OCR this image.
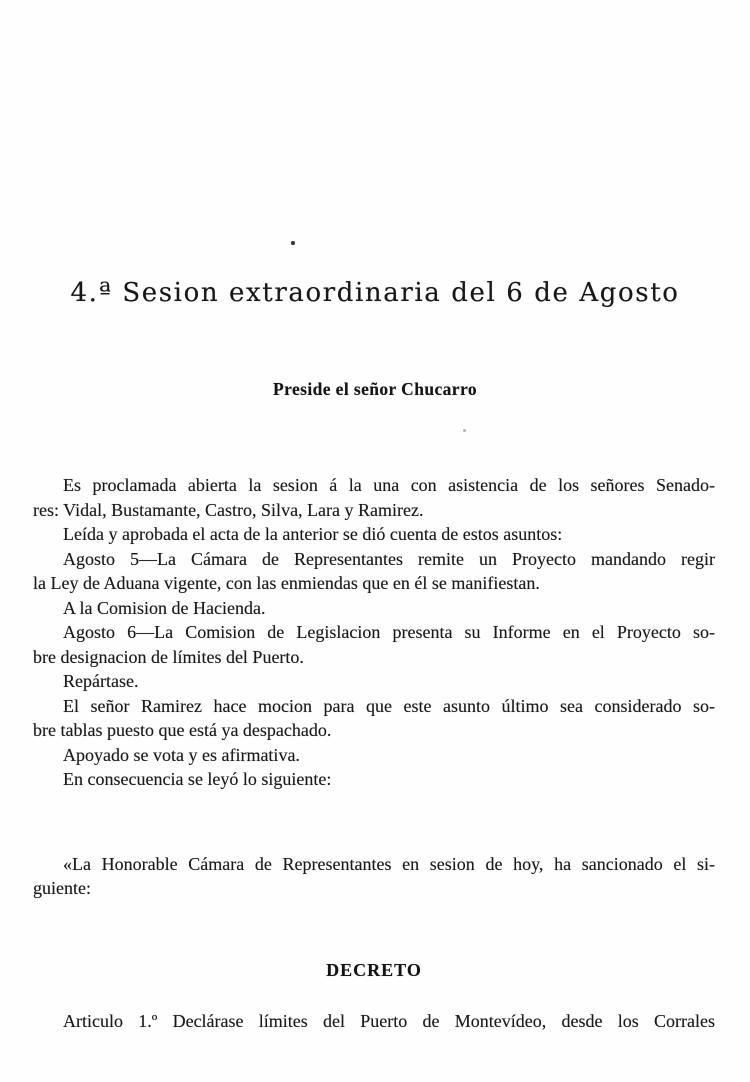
4.ª Sesion extraordinaria del 6 de Agosto
Preside el señor Chucarro
Es proclamada abierta la sesion á la una con asistencia de los señores Senado-
res: Vidal, Bustamante, Castro, Silva, Lara y Ramirez.
Leída y aprobada el acta de la anterior se dió cuenta de estos asuntos:
Agosto 5—La Cámara de Representantes remite un Proyecto mandando regir
la Ley de Aduana vigente, con las enmiendas que en él se manifiestan.
A la Comision de Hacienda.
Agosto 6—La Comision de Legislacion presenta su Informe en el Proyecto so-
bre designacion de límites del Puerto.
Repártase.
El señor Ramirez hace mocion para que este asunto último sea considerado so-
bre tablas puesto que está ya despachado.
Apoyado se vota y es afirmativa.
En consecuencia se leyó lo siguiente:
«La Honorable Cámara de Representantes en sesion de hoy, ha sancionado el si-
guiente:
DECRETO
Articulo 1.º Declárase límites del Puerto de Montevídeo, desde los Corrales
